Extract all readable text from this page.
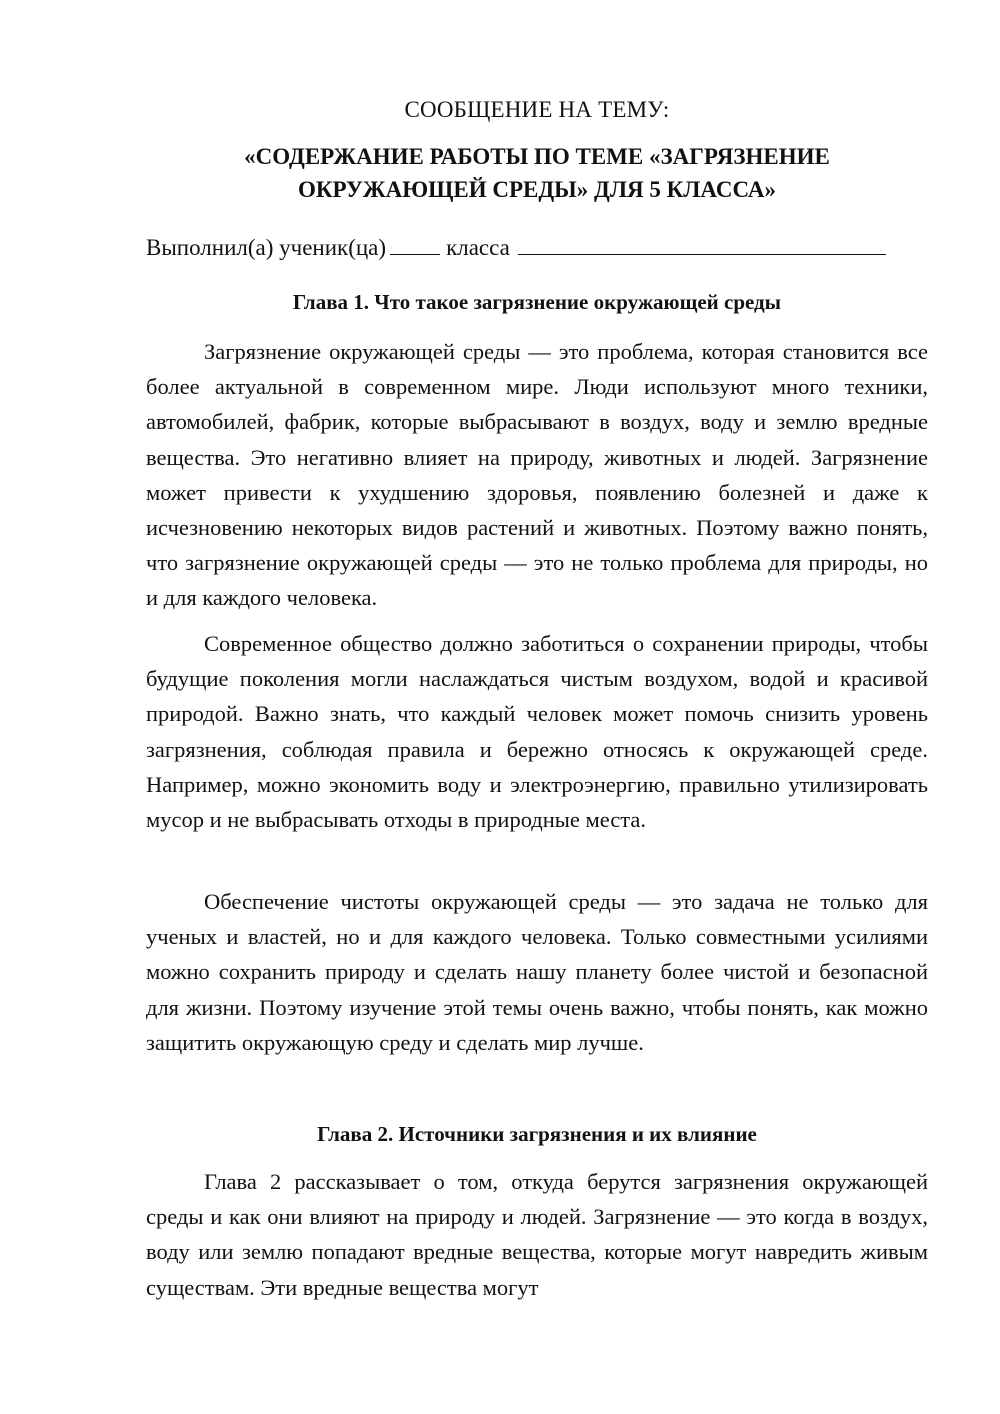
СООБЩЕНИЕ НА ТЕМУ:
«СОДЕРЖАНИЕ РАБОТЫ ПО ТЕМЕ «ЗАГРЯЗНЕНИЕ
ОКРУЖАЮЩЕЙ СРЕДЫ» ДЛЯ 5 КЛАССА»
Выполнил(а) ученик(ца)	класса
Глава 1. Что такое загрязнение окружающей среды
Загрязнение окружающей среды — это проблема, которая становится все более актуальной в современном мире. Люди используют много техники, автомобилей, фабрик, которые выбрасывают в воздух, воду и землю вредные вещества. Это негативно влияет на природу, животных и людей. Загрязнение может привести к ухудшению здоровья, появлению болезней и даже к исчезновению некоторых видов растений и животных. Поэтому важно понять, что загрязнение окружающей среды — это не только проблема для природы, но и для каждого человека.
Современное общество должно заботиться о сохранении природы, чтобы будущие поколения могли наслаждаться чистым воздухом, водой и красивой природой. Важно знать, что каждый человек может помочь снизить уровень загрязнения, соблюдая правила и бережно относясь к окружающей среде. Например, можно экономить воду и электроэнергию, правильно утилизировать мусор и не выбрасывать отходы в природные места.
Обеспечение чистоты окружающей среды — это задача не только для ученых и властей, но и для каждого человека. Только совместными усилиями можно сохранить природу и сделать нашу планету более чистой и безопасной для жизни. Поэтому изучение этой темы очень важно, чтобы понять, как можно защитить окружающую среду и сделать мир лучше.
Глава 2. Источники загрязнения и их влияние
Глава 2 рассказывает о том, откуда берутся загрязнения окружающей среды и как они влияют на природу и людей. Загрязнение — это когда в воздух, воду или землю попадают вредные вещества, которые могут навредить живым существам. Эти вредные вещества могут
